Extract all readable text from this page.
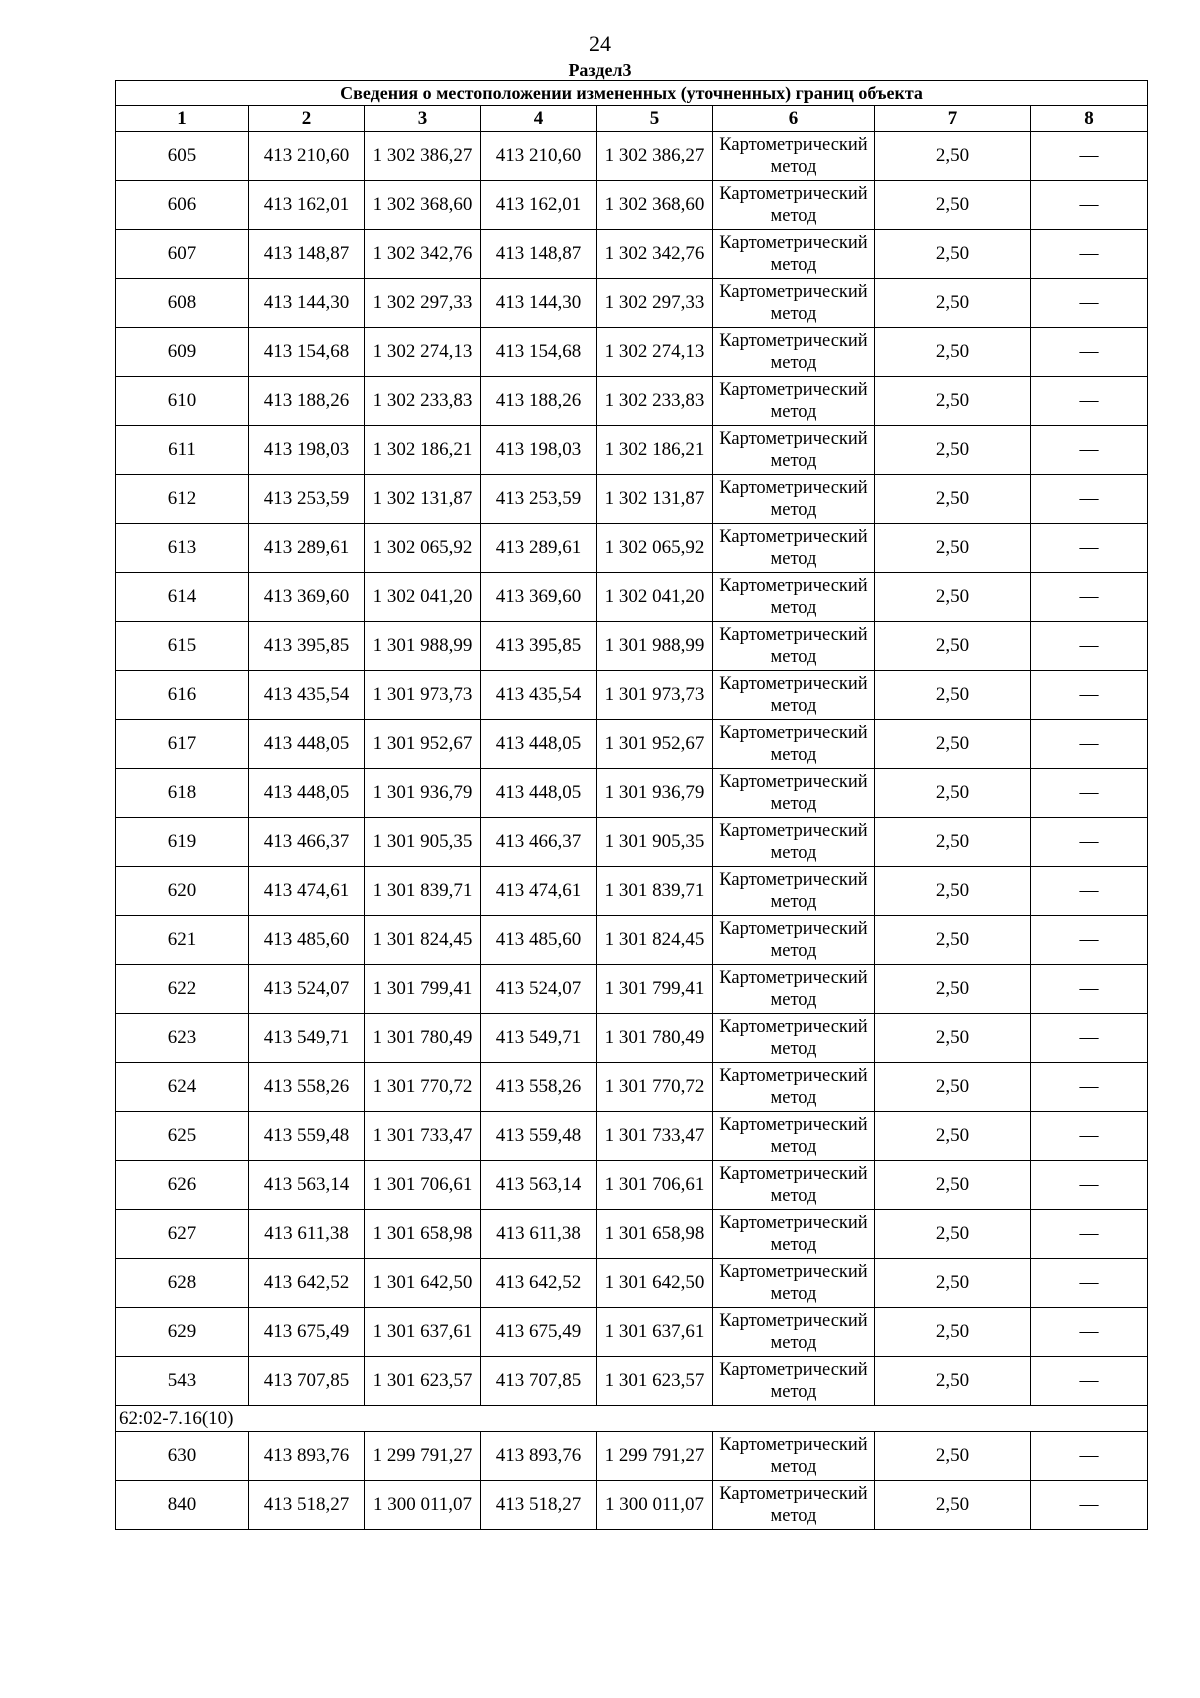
24
Раздел3
Сведения о местоположении измененных (уточненных) границ объекта							
1	2	3	4	5	6	7	8
605	413 210,60	1 302 386,27	413 210,60	1 302 386,27	Картометрический метод	2,50	—
606	413 162,01	1 302 368,60	413 162,01	1 302 368,60	Картометрический метод	2,50	—
607	413 148,87	1 302 342,76	413 148,87	1 302 342,76	Картометрический метод	2,50	—
608	413 144,30	1 302 297,33	413 144,30	1 302 297,33	Картометрический метод	2,50	—
609	413 154,68	1 302 274,13	413 154,68	1 302 274,13	Картометрический метод	2,50	—
610	413 188,26	1 302 233,83	413 188,26	1 302 233,83	Картометрический метод	2,50	—
611	413 198,03	1 302 186,21	413 198,03	1 302 186,21	Картометрический метод	2,50	—
612	413 253,59	1 302 131,87	413 253,59	1 302 131,87	Картометрический метод	2,50	—
613	413 289,61	1 302 065,92	413 289,61	1 302 065,92	Картометрический метод	2,50	—
614	413 369,60	1 302 041,20	413 369,60	1 302 041,20	Картометрический метод	2,50	—
615	413 395,85	1 301 988,99	413 395,85	1 301 988,99	Картометрический метод	2,50	—
616	413 435,54	1 301 973,73	413 435,54	1 301 973,73	Картометрический метод	2,50	—
617	413 448,05	1 301 952,67	413 448,05	1 301 952,67	Картометрический метод	2,50	—
618	413 448,05	1 301 936,79	413 448,05	1 301 936,79	Картометрический метод	2,50	—
619	413 466,37	1 301 905,35	413 466,37	1 301 905,35	Картометрический метод	2,50	—
620	413 474,61	1 301 839,71	413 474,61	1 301 839,71	Картометрический метод	2,50	—
621	413 485,60	1 301 824,45	413 485,60	1 301 824,45	Картометрический метод	2,50	—
622	413 524,07	1 301 799,41	413 524,07	1 301 799,41	Картометрический метод	2,50	—
623	413 549,71	1 301 780,49	413 549,71	1 301 780,49	Картометрический метод	2,50	—
624	413 558,26	1 301 770,72	413 558,26	1 301 770,72	Картометрический метод	2,50	—
625	413 559,48	1 301 733,47	413 559,48	1 301 733,47	Картометрический метод	2,50	—
626	413 563,14	1 301 706,61	413 563,14	1 301 706,61	Картометрический метод	2,50	—
627	413 611,38	1 301 658,98	413 611,38	1 301 658,98	Картометрический метод	2,50	—
628	413 642,52	1 301 642,50	413 642,52	1 301 642,50	Картометрический метод	2,50	—
629	413 675,49	1 301 637,61	413 675,49	1 301 637,61	Картометрический метод	2,50	—
543	413 707,85	1 301 623,57	413 707,85	1 301 623,57	Картометрический метод	2,50	—
62:02-7.16(10)							
630	413 893,76	1 299 791,27	413 893,76	1 299 791,27	Картометрический метод	2,50	—
840	413 518,27	1 300 011,07	413 518,27	1 300 011,07	Картометрический метод	2,50	—
